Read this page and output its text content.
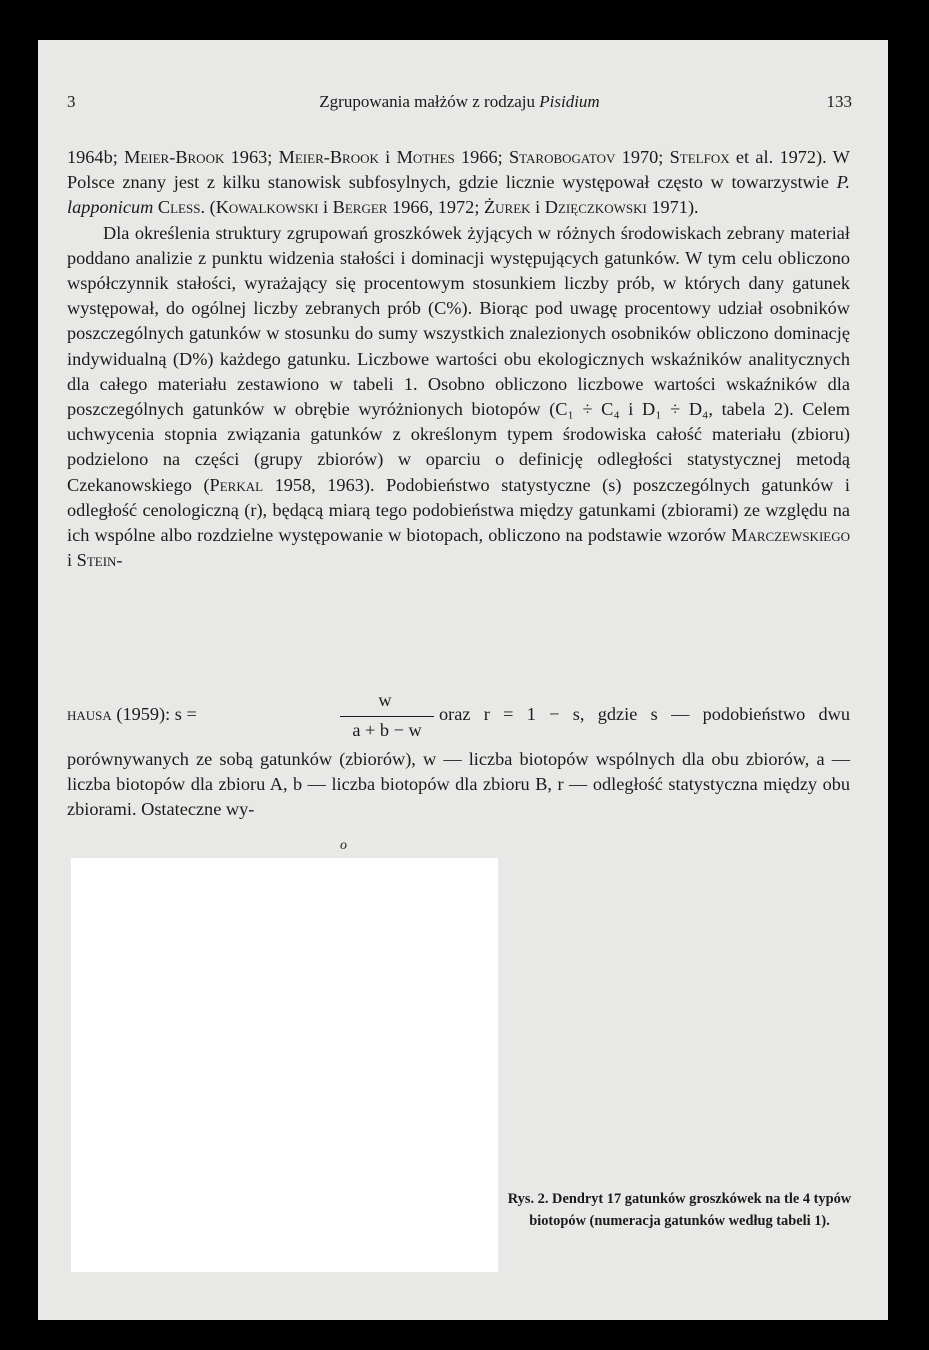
3	Zgrupowania małżów z rodzaju Pisidium	133

1964b; Meier-Brook 1963; Meier-Brook i Mothes 1966; Starobogatov 1970; Stelfox et al. 1972). W Polsce znany jest z kilku stanowisk subfosylnych, gdzie licznie występował często w towarzystwie P. lapponicum Cless. (Kowalkowski i Berger 1966, 1972; Żurek i Dzięczkowski 1971).

Dla określenia struktury zgrupowań groszkówek żyjących w różnych środowiskach zebrany materiał poddano analizie z punktu widzenia stałości i dominacji występujących gatunków. W tym celu obliczono współczynnik stałości, wyrażający się procentowym stosunkiem liczby prób, w których dany gatunek występował, do ogólnej liczby zebranych prób (C%). Biorąc pod uwagę procentowy udział osobników poszczególnych gatunków w stosunku do sumy wszystkich znalezionych osobników obliczono dominację indywidualną (D%) każdego gatunku. Liczbowe wartości obu ekologicznych wskaźników analitycznych dla całego materiału zestawiono w tabeli 1. Osobno obliczono liczbowe wartości wskaźników dla poszczególnych gatunków w obrębie wyróżnionych biotopów (C₁ ÷ C₄ i D₁ ÷ D₄, tabela 2). Celem uchwycenia stopnia związania gatunków z określonym typem środowiska całość materiału (zbioru) podzielono na części (grupy zbiorów) w oparciu o definicję odległości statystycznej metodą Czekanowskiego (Perkal 1958, 1963). Podobieństwo statystyczne (s) poszczególnych gatunków i odległość cenologiczną (r), będącą miarą tego podobieństwa między gatunkami (zbiorami) ze względu na ich wspólne albo rozdzielne występowanie w biotopach, obliczono na podstawie wzorów Marczewskiego i Stein-

hausa (1959): s =
w
a + b − w
oraz r = 1 − s, gdzie s — podobieństwo dwu

porównywanych ze sobą gatunków (zbiorów), w — liczba biotopów wspólnych dla obu zbiorów, a — liczba biotopów dla zbioru A, b — liczba biotopów dla zbioru B, r — odległość statystyczna między obu zbiorami. Ostateczne wy-

o
Rys. 2. Dendryt 17 gatunków groszkówek na tle 4 typów biotopów (numeracja gatunków według tabeli 1).
